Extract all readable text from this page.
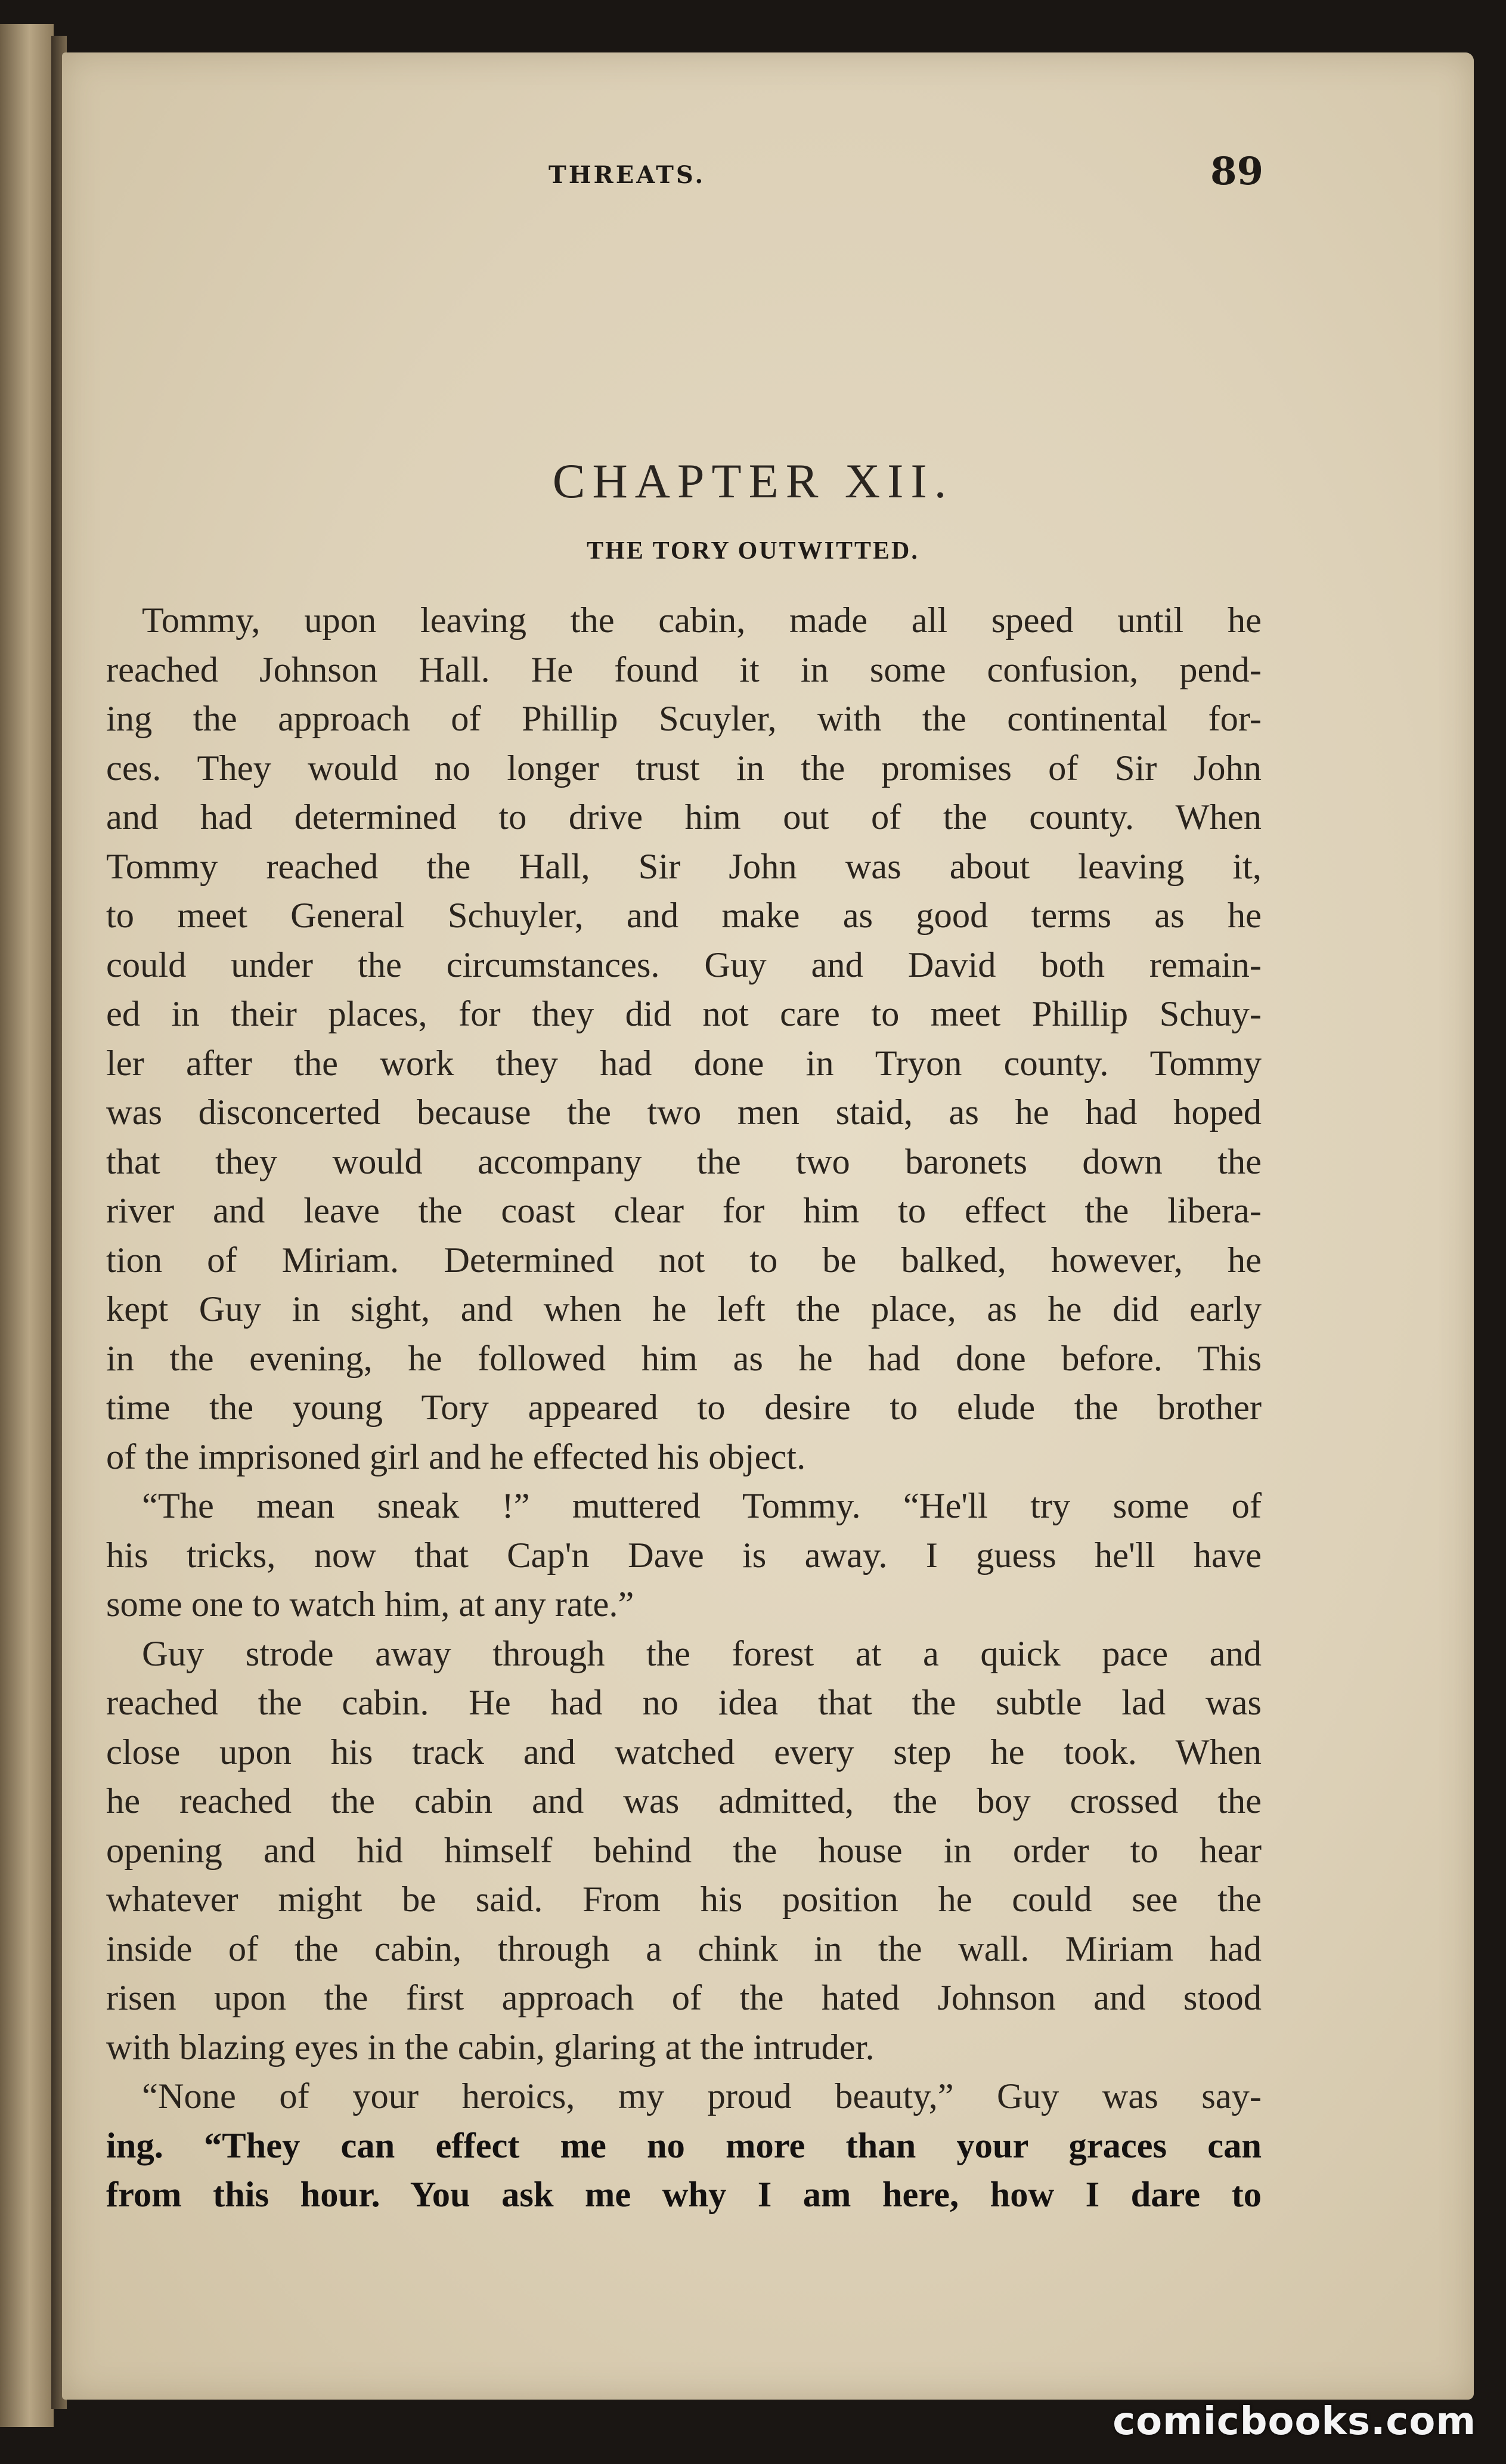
THREATS.	89
CHAPTER XII.
THE TORY OUTWITTED.
Tommy, upon leaving the cabin, made all speed until he
reached Johnson Hall. He found it in some confusion, pend-
ing the approach of Phillip Scuyler, with the continental for-
ces. They would no longer trust in the promises of Sir John
and had determined to drive him out of the county. When
Tommy reached the Hall, Sir John was about leaving it,
to meet General Schuyler, and make as good terms as he
could under the circumstances. Guy and David both remain-
ed in their places, for they did not care to meet Phillip Schuy-
ler after the work they had done in Tryon county. Tommy
was disconcerted because the two men staid, as he had hoped
that they would accompany the two baronets down the
river and leave the coast clear for him to effect the libera-
tion of Miriam. Determined not to be balked, however, he
kept Guy in sight, and when he left the place, as he did early
in the evening, he followed him as he had done before. This
time the young Tory appeared to desire to elude the brother
of the imprisoned girl and he effected his object.
“The mean sneak !” muttered Tommy. “He'll try some of
his tricks, now that Cap'n Dave is away. I guess he'll have
some one to watch him, at any rate.”
Guy strode away through the forest at a quick pace and
reached the cabin. He had no idea that the subtle lad was
close upon his track and watched every step he took. When
he reached the cabin and was admitted, the boy crossed the
opening and hid himself behind the house in order to hear
whatever might be said. From his position he could see the
inside of the cabin, through a chink in the wall. Miriam had
risen upon the first approach of the hated Johnson and stood
with blazing eyes in the cabin, glaring at the intruder.
“None of your heroics, my proud beauty,” Guy was say-
ing. “They can effect me no more than your graces can
from this hour. You ask me why I am here, how I dare to
comicbooks.com
